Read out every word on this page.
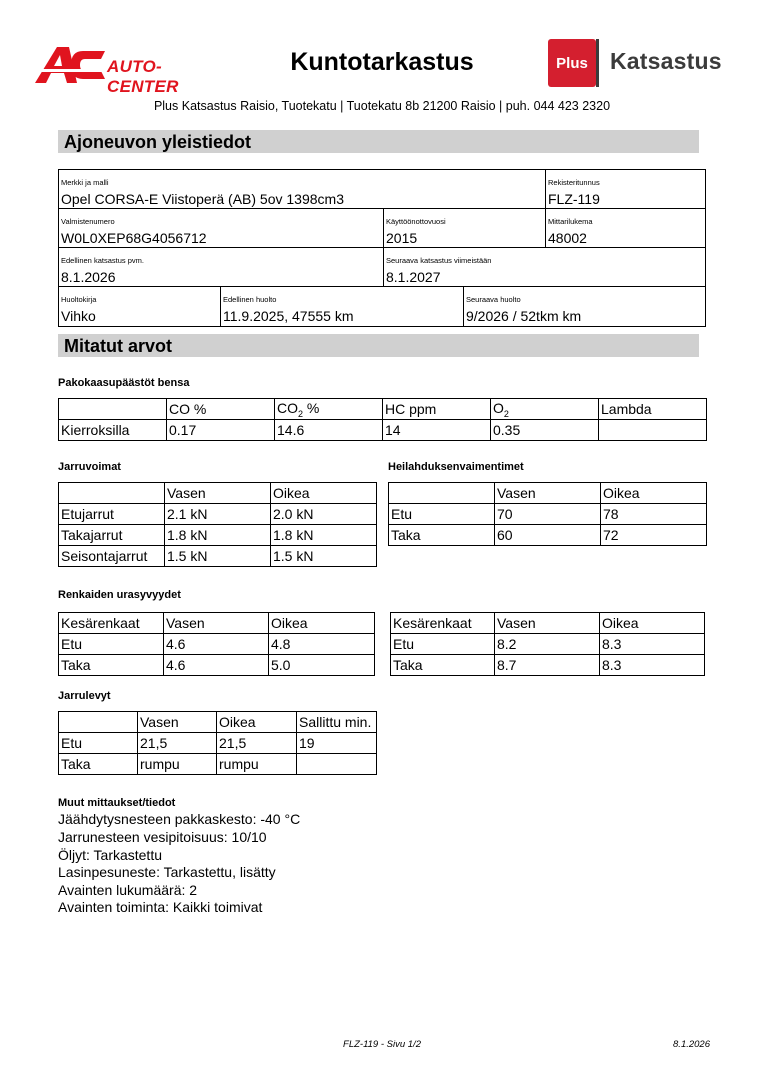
AUTO-CENTER
Kuntotarkastus	Plus Katsastus
Plus Katsastus Raisio, Tuotekatu | Tuotekatu 8b 21200 Raisio | puh. 044 423 2320
Ajoneuvon yleistiedot
Merkki ja malli
Opel CORSA-E Viistoperä (AB) 5ov 1398cm3
Rekisteritunnus
FLZ-119
Valmistenumero
W0L0XEP68G4056712
Käyttöönottovuosi
2015
Mittarilukema
48002
Edellinen katsastus pvm.
8.1.2026
Seuraava katsastus viimeistään
8.1.2027
Huoltokirja
Vihko
Edellinen huolto
11.9.2025, 47555 km
Seuraava huolto
9/2026 / 52tkm km
Mitatut arvot
Pakokaasupäästöt bensa
	CO %	$CO_2$ %	HC ppm	$O_2$	Lambda
Kierroksilla	0.17	14.6	14	0.35	
Jarruvoimat
	Vasen	Oikea
Etujarrut	2.1 kN	2.0 kN
Takajarrut	1.8 kN	1.8 kN
Seisontajarrut	1.5 kN	1.5 kN
Heilahduksenvaimentimet
	Vasen	Oikea
Etu	70	78
Taka	60	72
Renkaiden urasyvyydet
Kesärenkaat	Vasen	Oikea
Etu	4.6	4.8
Taka	4.6	5.0
Kesärenkaat	Vasen	Oikea
Etu	8.2	8.3
Taka	8.7	8.3
Jarrulevyt
	Vasen	Oikea	Sallittu min.
Etu	21,5	21,5	19
Taka	rumpu	rumpu	
Muut mittaukset/tiedot
Jäähdytysnesteen pakkaskesto: -40 °C
Jarrunesteen vesipitoisuus: 10/10
Öljyt: Tarkastettu
Lasinpesuneste: Tarkastettu, lisätty
Avainten lukumäärä: 2
Avainten toiminta: Kaikki toimivat
FLZ-119 - Sivu 1/2	8.1.2026
